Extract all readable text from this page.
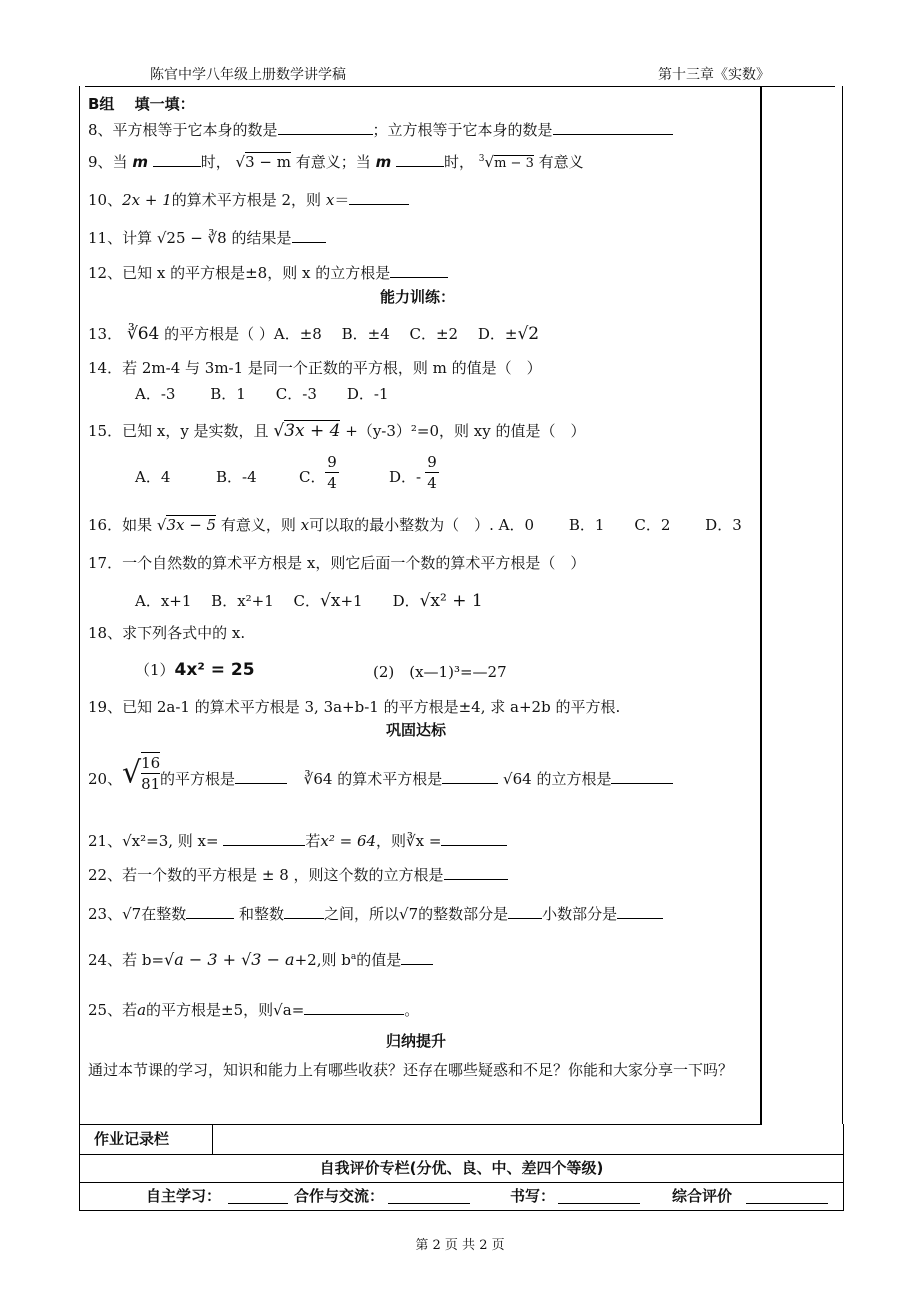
陈官中学八年级上册数学讲学稿	第十三章《实数》
B组　 填一填：
8、平方根等于它本身的数是	；立方根等于它本身的数是
9、当 m	时， √3 − m 有意义；当 m	时， $^3$√m − 3 有意义
10、2x + 1的算术平方根是 2，则 x＝
11、计算 √25 − ∛8 的结果是
12、已知 x 的平方根是±8，则 x 的立方根是
能力训练：
13． ∛64 的平方根是（ ）A．±8　 B．±4　 C．±2　 D．±√2
14．若 2m-4 与 3m-1 是同一个正数的平方根，则 m 的值是（　）
A．-3　　 B．1　　C．-3　　D．-1
15．已知 x，y 是实数，且 √3x + 4 +（y-3）²=0，则 xy 的值是（　）
A．4	B．-4	C． $\frac{9}{4}$	D．- $\frac{9}{4}$
16．如果 √3x − 5 有意义，则 x可以取的最小整数为（　）. A．0　　 B．1　　C．2　　 D．3
17．一个自然数的算术平方根是 x，则它后面一个数的算术平方根是（　）
A．x+1　 B．x²+1　 C．√x+1　　D．√x² + 1
18、求下列各式中的 x.
（1）4x² = 25	(2)　(x—1)³=—27
19、已知 2a-1 的算术平方根是 3, 3a+b-1 的平方根是±4, 求 a+2b 的平方根.
巩固达标
20、 √ $\frac{16}{81}$ 的平方根是	∛64 的算术平方根是	√64 的立方根是
21、√x²=3, 则 x=	若x² = 64，则∛x =
22、若一个数的平方根是 ± 8 ，则这个数的立方根是
23、√7在整数	和整数	之间，所以√7的整数部分是 小数部分是
24、若 b=√a − 3 + √3 − a+2,则 $b^a$的值是
25、若a的平方根是±5，则√a=	。
归纳提升
通过本节课的学习，知识和能力上有哪些收获？还存在哪些疑惑和不足？你能和大家分享一下吗？
作业记录栏
自我评价专栏(分优、良、中、差四个等级)
自主学习：	合作与交流：	书写：	综合评价
第 2 页 共 2 页
